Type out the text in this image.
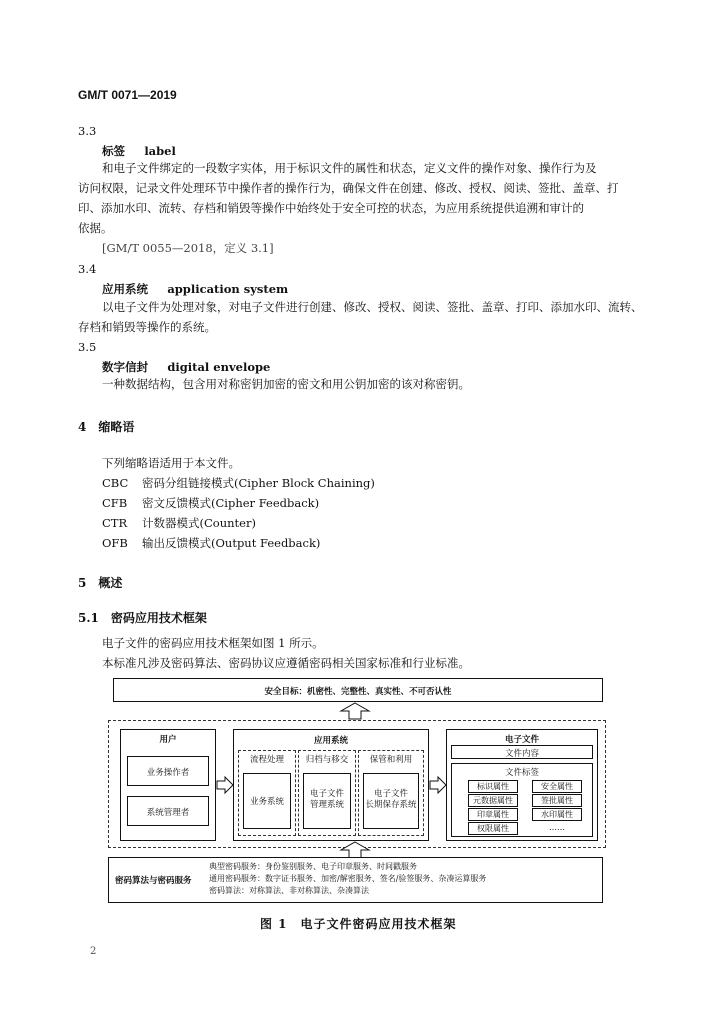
GM/T 0071—2019
3.3
标签 label
和电子文件绑定的一段数字实体，用于标识文件的属性和状态，定义文件的操作对象、操作行为及
访问权限，记录文件处理环节中操作者的操作行为，确保文件在创建、修改、授权、阅读、签批、盖章、打
印、添加水印、流转、存档和销毁等操作中始终处于安全可控的状态，为应用系统提供追溯和审计的
依据。
[GM/T 0055—2018，定义 3.1]
3.4
应用系统 application system
以电子文件为处理对象，对电子文件进行创建、修改、授权、阅读、签批、盖章、打印、添加水印、流转、
存档和销毁等操作的系统。
3.5
数字信封 digital envelope
一种数据结构，包含用对称密钥加密的密文和用公钥加密的该对称密钥。
4　缩略语
下列缩略语适用于本文件。
CBC 密码分组链接模式(Cipher Block Chaining)
CFB 密文反馈模式(Cipher Feedback)
CTR 计数器模式(Counter)
OFB 输出反馈模式(Output Feedback)
5　概述
5.1　密码应用技术框架
电子文件的密码应用技术框架如图 1 所示。
本标准凡涉及密码算法、密码协议应遵循密码相关国家标准和行业标准。
安全目标：机密性、完整性、真实性、不可否认性
用户
业务操作者
系统管理者
应用系统
流程处理
业务系统
归档与移交
电子文件
管理系统
保管和利用
电子文件
长期保存系统
电子文件
文件内容
文件标签
标识属性	安全属性
元数据属性	签批属性
印章属性	水印属性
权限属性	……
密码算法与密码服务
典型密码服务：身份鉴别服务、电子印章服务、时间戳服务
通用密码服务：数字证书服务、加密/解密服务、签名/验签服务、杂凑运算服务
密码算法：对称算法、非对称算法、杂凑算法
图 1　电子文件密码应用技术框架
2
